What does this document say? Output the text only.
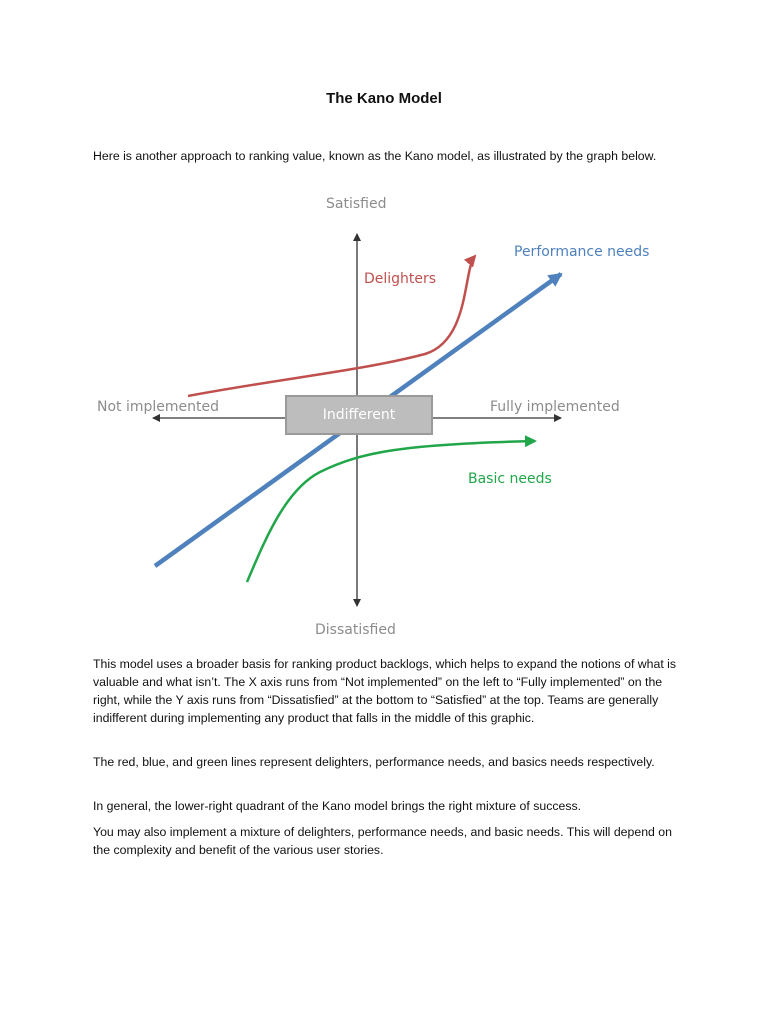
The Kano Model

Here is another approach to ranking value, known as the Kano model, as illustrated by the graph below.

Indifferent
Satisfied
Dissatisfied
Not implemented	Fully implemented
Delighters
Performance needs
Basic needs

This model uses a broader basis for ranking product backlogs, which helps to expand the notions of what is valuable and what isn’t. The X axis runs from “Not implemented” on the left to “Fully implemented” on the right, while the Y axis runs from “Dissatisfied” at the bottom to “Satisfied” at the top. Teams are generally indifferent during implementing any product that falls in the middle of this graphic.

The red, blue, and green lines represent delighters, performance needs, and basics needs respectively.

In general, the lower-right quadrant of the Kano model brings the right mixture of success.

You may also implement a mixture of delighters, performance needs, and basic needs. This will depend on the complexity and benefit of the various user stories.
